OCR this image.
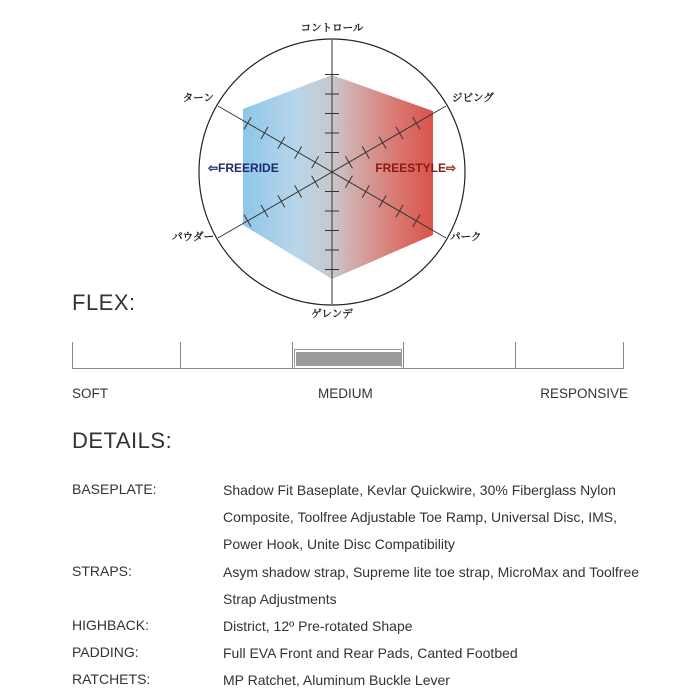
コントロール
ジビング
パーク
ゲレンデ
パウダー
ターン
⇦FREERIDE	FREESTYLE⇨
FLEX:
SOFT	MEDIUM	RESPONSIVE
DETAILS:
BASEPLATE:	Shadow Fit Baseplate, Kevlar Quickwire, 30% Fiberglass Nylon Composite, Toolfree Adjustable Toe Ramp, Universal Disc, IMS, Power Hook, Unite Disc Compatibility
STRAPS:	Asym shadow strap, Supreme lite toe strap, MicroMax and Toolfree Strap Adjustments
HIGHBACK:	District, 12º Pre-rotated Shape
PADDING:	Full EVA Front and Rear Pads, Canted Footbed
RATCHETS:	MP Ratchet, Aluminum Buckle Lever
